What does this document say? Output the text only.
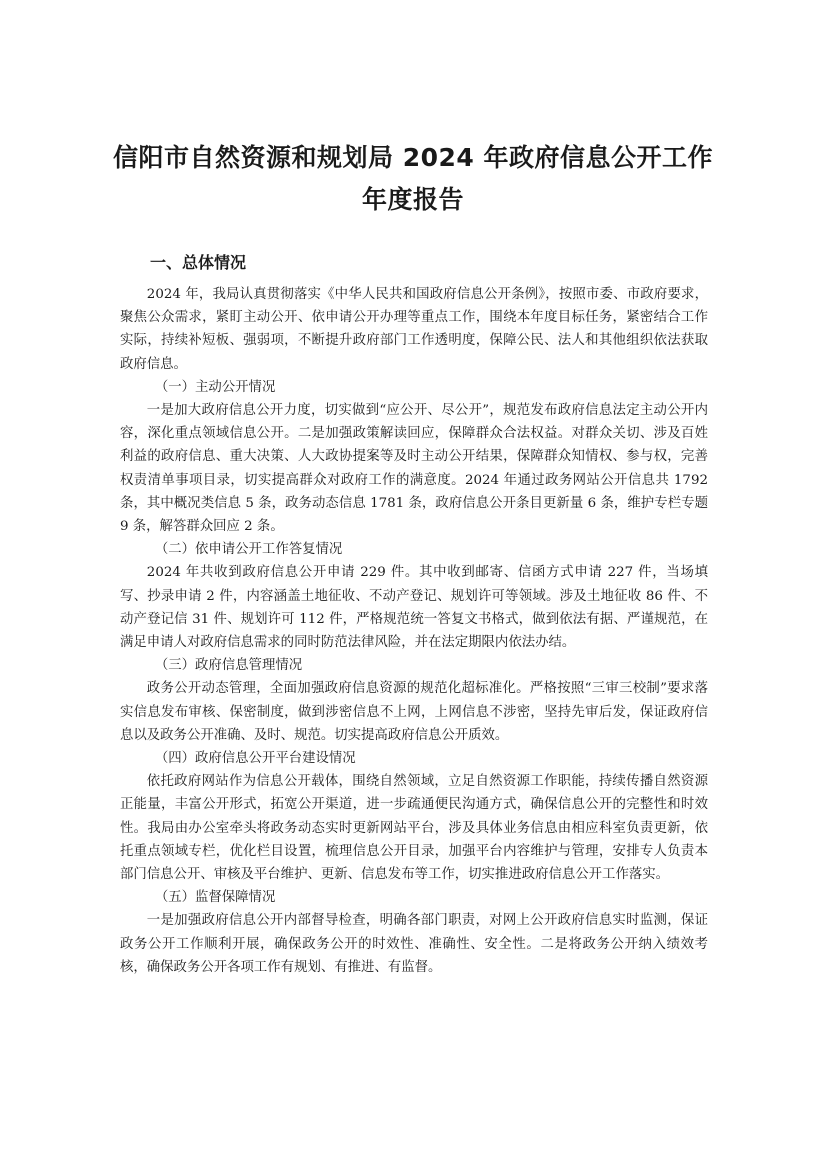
信阳市自然资源和规划局 2024 年政府信息公开工作
年度报告
一、总体情况

2024 年，我局认真贯彻落实《中华人民共和国政府信息公开条例》，按照市委、市政府要求，聚焦公众需求，紧盯主动公开、依申请公开办理等重点工作，围绕本年度目标任务，紧密结合工作实际，持续补短板、强弱项，不断提升政府部门工作透明度，保障公民、法人和其他组织依法获取政府信息。

（一）主动公开情况

一是加大政府信息公开力度，切实做到“应公开、尽公开”，规范发布政府信息法定主动公开内容，深化重点领域信息公开。二是加强政策解读回应，保障群众合法权益。对群众关切、涉及百姓利益的政府信息、重大决策、人大政协提案等及时主动公开结果，保障群众知情权、参与权，完善权责清单事项目录，切实提高群众对政府工作的满意度。2024 年通过政务网站公开信息共 1792 条，其中概况类信息 5 条，政务动态信息 1781 条，政府信息公开条目更新量 6 条，维护专栏专题 9 条，解答群众回应 2 条。

（二）依申请公开工作答复情况

2024 年共收到政府信息公开申请 229 件。其中收到邮寄、信函方式申请 227 件，当场填写、抄录申请 2 件，内容涵盖土地征收、不动产登记、规划许可等领域。涉及土地征收 86 件、不动产登记信 31 件、规划许可 112 件，严格规范统一答复文书格式，做到依法有据、严谨规范，在满足申请人对政府信息需求的同时防范法律风险，并在法定期限内依法办结。

（三）政府信息管理情况

政务公开动态管理，全面加强政府信息资源的规范化超标准化。严格按照“三审三校制”要求落实信息发布审核、保密制度，做到涉密信息不上网，上网信息不涉密，坚持先审后发，保证政府信息以及政务公开准确、及时、规范。切实提高政府信息公开质效。

（四）政府信息公开平台建设情况

依托政府网站作为信息公开载体，围绕自然领域，立足自然资源工作职能，持续传播自然资源正能量，丰富公开形式，拓宽公开渠道，进一步疏通便民沟通方式，确保信息公开的完整性和时效性。我局由办公室牵头将政务动态实时更新网站平台，涉及具体业务信息由相应科室负责更新，依托重点领域专栏，优化栏目设置，梳理信息公开目录，加强平台内容维护与管理，安排专人负责本部门信息公开、审核及平台维护、更新、信息发布等工作，切实推进政府信息公开工作落实。

（五）监督保障情况

一是加强政府信息公开内部督导检查，明确各部门职责，对网上公开政府信息实时监测，保证政务公开工作顺利开展，确保政务公开的时效性、准确性、安全性。二是将政务公开纳入绩效考核，确保政务公开各项工作有规划、有推进、有监督。
